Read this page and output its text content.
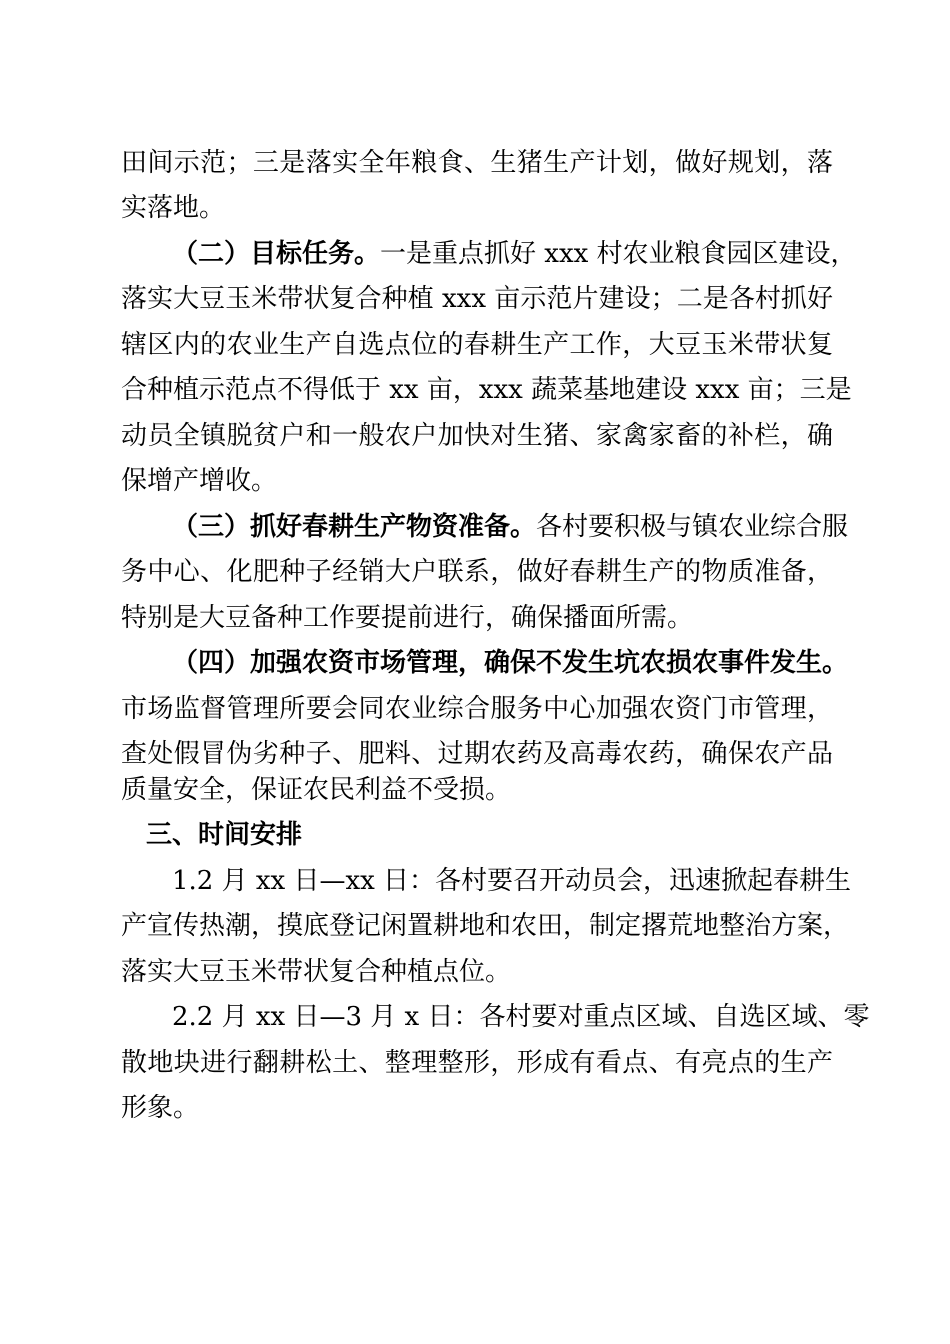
田间示范；三是落实全年粮食、生猪生产计划，做好规划，落
实落地。
（二）目标任务。一是重点抓好 xxx 村农业粮食园区建设，
落实大豆玉米带状复合种植 xxx 亩示范片建设；二是各村抓好
辖区内的农业生产自选点位的春耕生产工作，大豆玉米带状复
合种植示范点不得低于 xx 亩，xxx 蔬菜基地建设 xxx 亩；三是
动员全镇脱贫户和一般农户加快对生猪、家禽家畜的补栏，确
保增产增收。
（三）抓好春耕生产物资准备。各村要积极与镇农业综合服
务中心、化肥种子经销大户联系，做好春耕生产的物质准备，
特别是大豆备种工作要提前进行，确保播面所需。
（四）加强农资市场管理，确保不发生坑农损农事件发生。
市场监督管理所要会同农业综合服务中心加强农资门市管理，
查处假冒伪劣种子、肥料、过期农药及高毒农药，确保农产品
质量安全，保证农民利益不受损。
三、时间安排
1.2 月 xx 日—xx 日：各村要召开动员会，迅速掀起春耕生
产宣传热潮，摸底登记闲置耕地和农田，制定撂荒地整治方案，
落实大豆玉米带状复合种植点位。
2.2 月 xx 日—3 月 x 日：各村要对重点区域、自选区域、零
散地块进行翻耕松土、整理整形，形成有看点、有亮点的生产
形象。
